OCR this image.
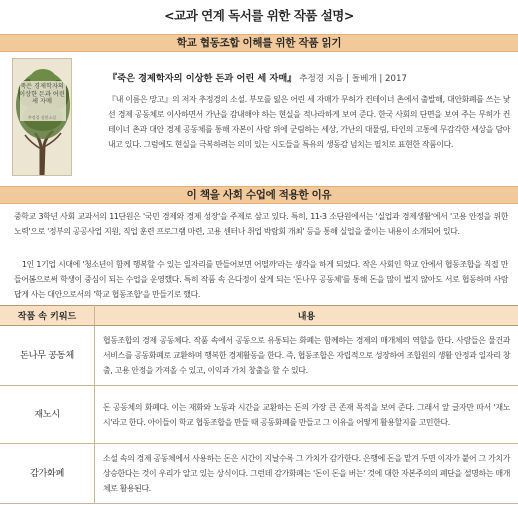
<교과 연계 독서를 위한 작품 설명>
학교 협동조합 이해를 위한 작품 읽기
죽은 경제학자의 이상한 돈과 어린 세 자매
추정경 장편소설
『죽은 경제학자의 이상한 돈과 어린 세 자매』 추정경 지음 | 돌베개 | 2017
『내 이름은 망고』의 저자 추정경의 소설. 부모를 잃은 어린 세 자매가 무허가 컨테이너 촌에서 출발해, 대안화폐를 쓰는 낯선 경제 공동체로 이사하면서 가난을 감내해야 하는 현실을 적나라하게 보여 준다. 한국 사회의 단면을 보여 주는 무허가 컨테이너 촌과 대안 경제 공동체를 통해 자본이 사람 위에 군림하는 세상, 가난의 대물림, 타인의 고통에 무감각한 세상을 담아내고 있다. 그럼에도 현실을 극복하려는 의미 있는 시도들을 특유의 생동감 넘치는 필치로 표현한 작품이다.
이 책을 사회 수업에 적용한 이유
중학교 3학년 사회 교과서의 11단원은 '국민 경제와 경제 성장'을 주제로 삼고 있다. 특히, 11-3 소단원에서는 '실업과 경제생활'에서 '고용 안정을 위한 노력'으로 '정부의 공공사업 지원, 직업 훈련 프로그램 마련, 고용 센터나 취업 박람회 개최' 등을 통해 실업을 줄이는 내용이 소개되어 있다.
1인 1기업 시대에 '청소년이 함께 행복할 수 있는 일자리를 만들어보면 어떨까'라는 생각을 하게 되었다. 작은 사회인 학교 안에서 협동조합을 직접 만들어봄으로써 학생이 중심이 되는 수업을 운영했다. 특히 작품 속 은다정이 살게 되는 '돈나무 공동체'를 통해 돈을 많이 벌지 않아도 서로 협동하며 사람답게 사는 대안으로서의 '학교 협동조합'을 만들기로 했다.
작품 속 키워드	내용
돈나무 공동체	협동조합의 경제 공동체다. 작품 속에서 공동으로 유통되는 화폐는 함께하는 경제의 매개체의 역할을 한다. 사람들은 물건과 서비스를 공동화폐로 교환하며 행복한 경제활동을 한다. 즉, 협동조합은 자립적으로 성장하여 조합원의 생활 안정과 일자리 창출, 고용 안정을 가져올 수 있고, 이익과 가치 창출을 할 수 있다.
재노시	돈 공동체의 화폐다. 이는 재화와 노동과 시간을 교환하는 돈의 가장 큰 존재 목적을 보여 준다. 그래서 앞 글자만 따서 '재노시'라고 한다. 아이들이 학교 협동조합을 만들 때 공동화폐를 만들고 그 이유을 어떻게 활용할지를 고민한다.
감가화폐	소설 속의 경제 공동체에서 사용하는 돈은 시간이 지날수록 그 가치가 감가한다. 은행에 돈을 맡겨 두면 이자가 붙어 그 가치가 상승한다는 것이 우리가 알고 있는 상식이다. 그런데 감가화폐는 '돈이 돈을 버는' 것에 대한 자본주의의 폐단을 설명하는 매개체로 활용된다.
